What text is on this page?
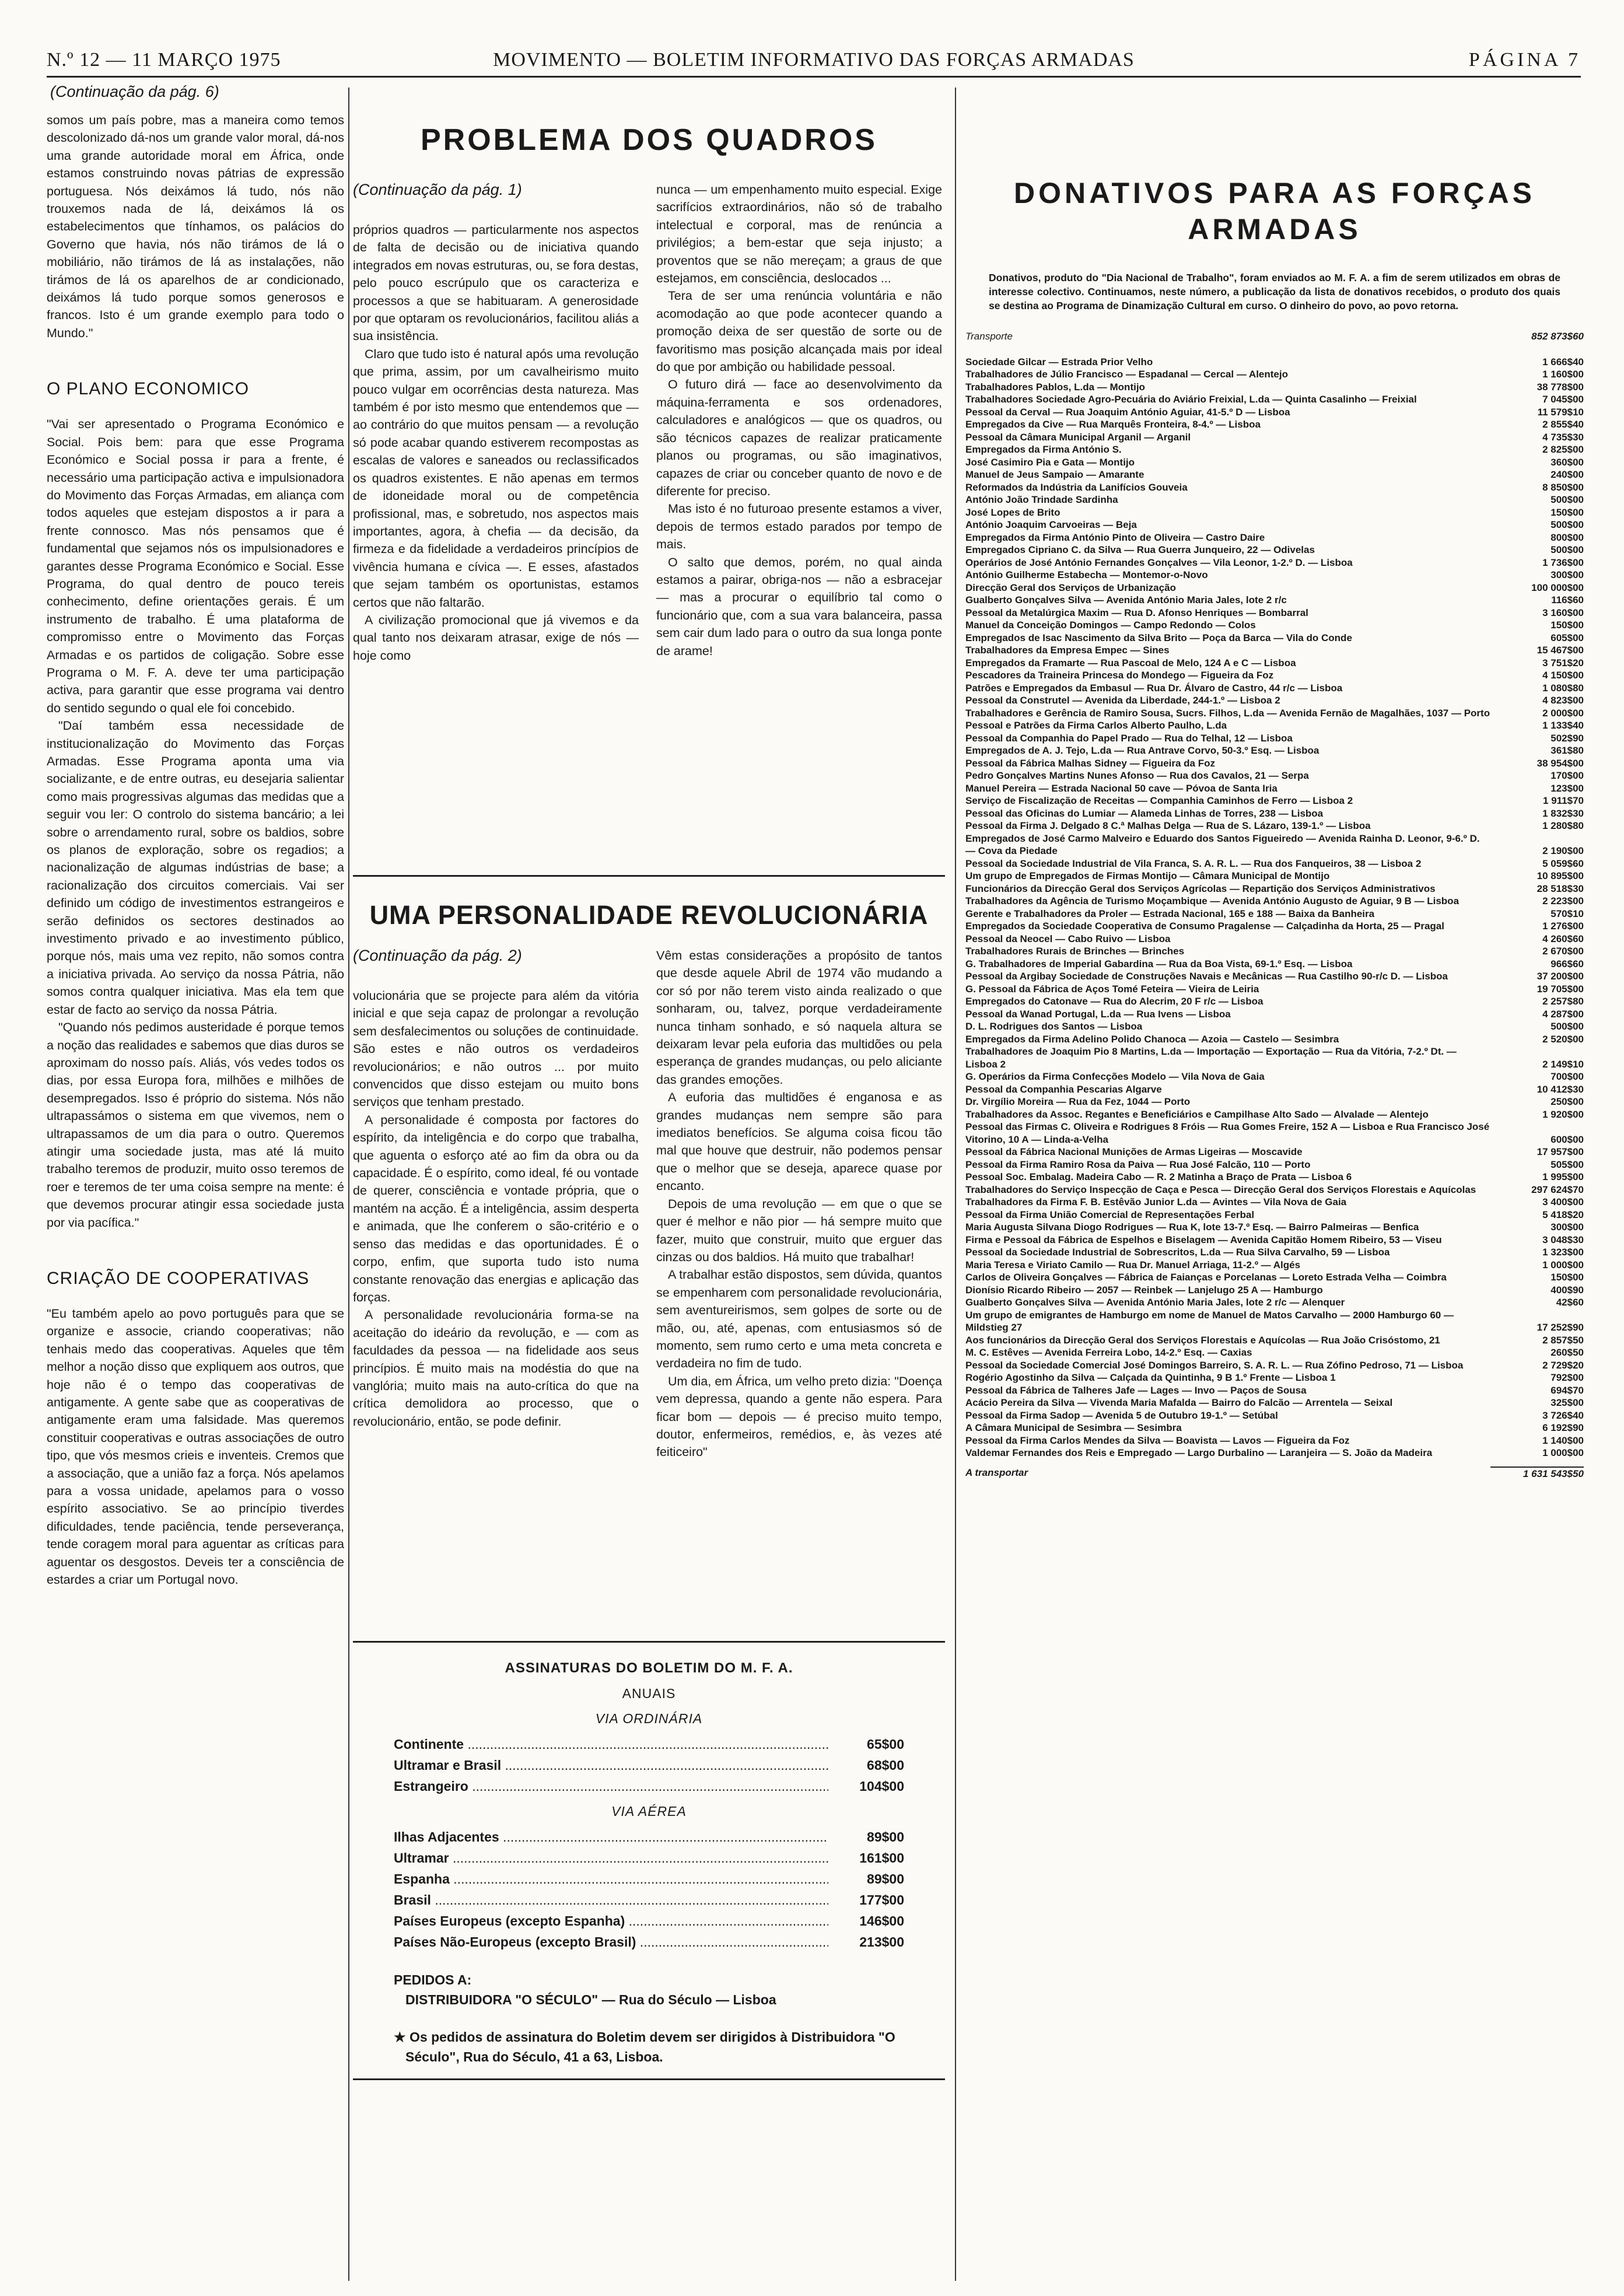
N.º 12 — 11 MARÇO 1975	MOVIMENTO — BOLETIM INFORMATIVO DAS FORÇAS ARMADAS	PÁGINA 7
(Continuação da pág. 6)

somos um país pobre, mas a maneira como temos descolonizado dá-nos um grande valor moral, dá-nos uma grande autoridade moral em África, onde estamos construindo novas pátrias de expressão portuguesa. Nós deixámos lá tudo, nós não trouxemos nada de lá, deixámos lá os estabelecimentos que tínhamos, os palácios do Governo que havia, nós não tirámos de lá o mobiliário, não tirámos de lá as instalações, não tirámos de lá os aparelhos de ar condicionado, deixámos lá tudo porque somos generosos e francos. Isto é um grande exemplo para todo o Mundo."

O PLANO ECONOMICO

"Vai ser apresentado o Programa Económico e Social. Pois bem: para que esse Programa Económico e Social possa ir para a frente, é necessário uma participação activa e impulsionadora do Movimento das Forças Armadas, em aliança com todos aqueles que estejam dispostos a ir para a frente connosco. Mas nós pensamos que é fundamental que sejamos nós os impulsionadores e garantes desse Programa Económico e Social. Esse Programa, do qual dentro de pouco tereis conhecimento, define orientações gerais. É um instrumento de trabalho. É uma plataforma de compromisso entre o Movimento das Forças Armadas e os partidos de coligação. Sobre esse Programa o M. F. A. deve ter uma participação activa, para garantir que esse programa vai dentro do sentido segundo o qual ele foi concebido.

"Daí também essa necessidade de institucionalização do Movimento das Forças Armadas. Esse Programa aponta uma via socializante, e de entre outras, eu desejaria salientar como mais progressivas algumas das medidas que a seguir vou ler: O controlo do sistema bancário; a lei sobre o arrendamento rural, sobre os baldios, sobre os planos de exploração, sobre os regadios; a nacionalização de algumas indústrias de base; a racionalização dos circuitos comerciais. Vai ser definido um código de investimentos estrangeiros e serão definidos os sectores destinados ao investimento privado e ao investimento público, porque nós, mais uma vez repito, não somos contra a iniciativa privada. Ao serviço da nossa Pátria, não somos contra qualquer iniciativa. Mas ela tem que estar de facto ao serviço da nossa Pátria.

"Quando nós pedimos austeridade é porque temos a noção das realidades e sabemos que dias duros se aproximam do nosso país. Aliás, vós vedes todos os dias, por essa Europa fora, milhões e milhões de desempregados. Isso é próprio do sistema. Nós não ultrapassámos o sistema em que vivemos, nem o ultrapassamos de um dia para o outro. Queremos atingir uma sociedade justa, mas até lá muito trabalho teremos de produzir, muito osso teremos de roer e teremos de ter uma coisa sempre na mente: é que devemos procurar atingir essa sociedade justa por via pacífica."

CRIAÇÃO DE COOPERATIVAS

"Eu também apelo ao povo português para que se organize e associe, criando cooperativas; não tenhais medo das cooperativas. Aqueles que têm melhor a noção disso que expliquem aos outros, que hoje não é o tempo das cooperativas de antigamente. A gente sabe que as cooperativas de antigamente eram uma falsidade. Mas queremos constituir cooperativas e outras associações de outro tipo, que vós mesmos crieis e inventeis. Cremos que a associação, que a união faz a força. Nós apelamos para a vossa unidade, apelamos para o vosso espírito associativo. Se ao princípio tiverdes dificuldades, tende paciência, tende perseverança, tende coragem moral para aguentar as críticas para aguentar os desgostos. Deveis ter a consciência de estardes a criar um Portugal novo.

PROBLEMA DOS QUADROS
(Continuação da pág. 1)

próprios quadros — particularmente nos aspectos de falta de decisão ou de iniciativa quando integrados em novas estruturas, ou, se fora destas, pelo pouco escrúpulo que os caracteriza e processos a que se habituaram. A generosidade por que optaram os revolucionários, facilitou aliás a sua insistência.

Claro que tudo isto é natural após uma revolução que prima, assim, por um cavalheirismo muito pouco vulgar em ocorrências desta natureza. Mas também é por isto mesmo que entendemos que — ao contrário do que muitos pensam — a revolução só pode acabar quando estiverem recompostas as escalas de valores e saneados ou reclassificados os quadros existentes. E não apenas em termos de idoneidade moral ou de competência profissional, mas, e sobretudo, nos aspectos mais importantes, agora, à chefia — da decisão, da firmeza e da fidelidade a verdadeiros princípios de vivência humana e cívica —. E esses, afastados que sejam também os oportunistas, estamos certos que não faltarão.

A civilização promocional que já vivemos e da qual tanto nos deixaram atrasar, exige de nós — hoje como

nunca — um empenhamento muito especial. Exige sacrifícios extraordinários, não só de trabalho intelectual e corporal, mas de renúncia a privilégios; a bem-estar que seja injusto; a proventos que se não mereçam; a graus de que estejamos, em consciência, deslocados ...

Tera de ser uma renúncia voluntária e não acomodação ao que pode acontecer quando a promoção deixa de ser questão de sorte ou de favoritismo mas posição alcançada mais por ideal do que por ambição ou habilidade pessoal.

O futuro dirá — face ao desenvolvimento da máquina-ferramenta e sos ordenadores, calculadores e analógicos — que os quadros, ou são técnicos capazes de realizar praticamente planos ou programas, ou são imaginativos, capazes de criar ou conceber quanto de novo e de diferente for preciso.

Mas isto é no futuroao presente estamos a viver, depois de termos estado parados por tempo de mais.

O salto que demos, porém, no qual ainda estamos a pairar, obriga-nos — não a esbracejar — mas a procurar o equilíbrio tal como o funcionário que, com a sua vara balanceira, passa sem cair dum lado para o outro da sua longa ponte de arame!

UMA PERSONALIDADE REVOLUCIONÁRIA
(Continuação da pág. 2)

volucionária que se projecte para além da vitória inicial e que seja capaz de prolongar a revolução sem desfalecimentos ou soluções de continuidade. São estes e não outros os verdadeiros revolucionários; e não outros ... por muito convencidos que disso estejam ou muito bons serviços que tenham prestado.

A personalidade é composta por factores do espírito, da inteligência e do corpo que trabalha, que aguenta o esforço até ao fim da obra ou da capacidade. É o espírito, como ideal, fé ou vontade de querer, consciência e vontade própria, que o mantém na acção. É a inteligência, assim desperta e animada, que lhe conferem o são-critério e o senso das medidas e das oportunidades. É o corpo, enfim, que suporta tudo isto numa constante renovação das energias e aplicação das forças.

A personalidade revolucionária forma-se na aceitação do ideário da revolução, e — com as faculdades da pessoa — na fidelidade aos seus princípios. É muito mais na modéstia do que na vanglória; muito mais na auto-crítica do que na crítica demolidora ao processo, que o revolucionário, então, se pode definir.

Vêm estas considerações a propósito de tantos que desde aquele Abril de 1974 vão mudando a cor só por não terem visto ainda realizado o que sonharam, ou, talvez, porque verdadeiramente nunca tinham sonhado, e só naquela altura se deixaram levar pela euforia das multidões ou pela esperança de grandes mudanças, ou pelo aliciante das grandes emoções.

A euforia das multidões é enganosa e as grandes mudanças nem sempre são para imediatos benefícios. Se alguma coisa ficou tão mal que houve que destruir, não podemos pensar que o melhor que se deseja, aparece quase por encanto.

Depois de uma revolução — em que o que se quer é melhor e não pior — há sempre muito que fazer, muito que construir, muito que erguer das cinzas ou dos baldios. Há muito que trabalhar!

A trabalhar estão dispostos, sem dúvida, quantos se empenharem com personalidade revolucionária, sem aventureirismos, sem golpes de sorte ou de mão, ou, até, apenas, com entusiasmos só de momento, sem rumo certo e uma meta concreta e verdadeira no fim de tudo.

Um dia, em África, um velho preto dizia: "Doença vem depressa, quando a gente não espera. Para ficar bom — depois — é preciso muito tempo, doutor, enfermeiros, remédios, e, às vezes até feiticeiro"

ASSINATURAS DO BOLETIM DO M. F. A.
ANUAIS
VIA ORDINÁRIA
Continente .....	65$00
Ultramar e Brasil .....	68$00
Estrangeiro .....	104$00
VIA AÉREA
Ilhas Adjacentes .....	89$00
Ultramar .....	161$00
Espanha .....	89$00
Brasil .....	177$00
Países Europeus (excepto Espanha) .....	146$00
Países Não-Europeus (excepto Brasil) .....	213$00
PEDIDOS A:
DISTRIBUIDORA "O SÉCULO" — Rua do Século — Lisboa
★ Os pedidos de assinatura do Boletim devem ser dirigidos à Distribuidora "O Século", Rua do Século, 41 a 63, Lisboa.
DONATIVOS PARA AS FORÇAS ARMADAS
Donativos, produto do "Dia Nacional de Trabalho", foram enviados ao M. F. A. a fim de serem utilizados em obras de interesse colectivo. Continuamos, neste número, a publicação da lista de donativos recebidos, o produto dos quais se destina ao Programa de Dinamização Cultural em curso. O dinheiro do povo, ao povo retorna.
Transporte	852 873$60
Sociedade Gilcar — Estrada Prior Velho	1 666$40
Trabalhadores de Júlio Francisco — Espadanal — Cercal — Alentejo	1 160$00
Trabalhadores Pablos, L.da — Montijo	38 778$00
Trabalhadores Sociedade Agro-Pecuária do Aviário Freixial, L.da — Quinta Casalinho — Freixial	7 045$00
Pessoal da Cerval — Rua Joaquim António Aguiar, 41-5.º D — Lisboa	11 579$10
Empregados da Cive — Rua Marquês Fronteira, 8-4.º — Lisboa	2 855$40
Pessoal da Câmara Municipal Arganil — Arganil	4 735$30
Empregados da Firma António S.	2 825$00
José Casimiro Pia e Gata — Montijo	360$00
Manuel de Jeus Sampaio — Amarante	240$00
Reformados da Indústria da Lanifícios Gouveia	8 850$00
António João Trindade Sardinha	500$00
José Lopes de Brito	150$00
António Joaquim Carvoeiras — Beja	500$00
Empregados da Firma António Pinto de Oliveira — Castro Daire	800$00
Empregados Cipriano C. da Silva — Rua Guerra Junqueiro, 22 — Odivelas	500$00
Operários de José António Fernandes Gonçalves — Vila Leonor, 1-2.º D. — Lisboa	1 736$00
António Guilherme Estabecha — Montemor-o-Novo	300$00
Direcção Geral dos Serviços de Urbanização	100 000$00
Gualberto Gonçalves Silva — Avenida António Maria Jales, lote 2 r/c	116$60
Pessoal da Metalúrgica Maxim — Rua D. Afonso Henriques — Bombarral	3 160$00
Manuel da Conceição Domingos — Campo Redondo — Colos	150$00
Empregados de Isac Nascimento da Silva Brito — Poça da Barca — Vila do Conde	605$00
Trabalhadores da Empresa Empec — Sines	15 467$00
Empregados da Framarte — Rua Pascoal de Melo, 124 A e C — Lisboa	3 751$20
Pescadores da Traineira Princesa do Mondego — Figueira da Foz	4 150$00
Patrões e Empregados da Embasul — Rua Dr. Álvaro de Castro, 44 r/c — Lisboa	1 080$80
Pessoal da Construtel — Avenida da Liberdade, 244-1.º — Lisboa 2	4 823$00
Trabalhadores e Gerência de Ramiro Sousa, Sucrs. Filhos, L.da — Avenida Fernão de Magalhães, 1037 — Porto	2 000$00
Pessoal e Patrões da Firma Carlos Alberto Paulho, L.da	1 133$40
Pessoal da Companhia do Papel Prado — Rua do Telhal, 12 — Lisboa	502$90
Empregados de A. J. Tejo, L.da — Rua Antrave Corvo, 50-3.º Esq. — Lisboa	361$80
Pessoal da Fábrica Malhas Sidney — Figueira da Foz	38 954$00
Pedro Gonçalves Martins Nunes Afonso — Rua dos Cavalos, 21 — Serpa	170$00
Manuel Pereira — Estrada Nacional 50 cave — Póvoa de Santa Iria	123$00
Serviço de Fiscalização de Receitas — Companhia Caminhos de Ferro — Lisboa 2	1 911$70
Pessoal das Oficinas do Lumiar — Alameda Linhas de Torres, 238 — Lisboa	1 832$30
Pessoal da Firma J. Delgado 8 C.ª Malhas Delga — Rua de S. Lázaro, 139-1.º — Lisboa	1 280$80
Empregados de José Carmo Malveiro e Eduardo dos Santos Figueiredo — Avenida Rainha D. Leonor, 9-6.º D. — Cova da Piedade	2 190$00
Pessoal da Sociedade Industrial de Vila Franca, S. A. R. L. — Rua dos Fanqueiros, 38 — Lisboa 2	5 059$60
Um grupo de Empregados de Firmas Montijo — Câmara Municipal de Montijo	10 895$00
Funcionários da Direcção Geral dos Serviços Agrícolas — Repartição dos Serviços Administrativos	28 518$30
Trabalhadores da Agência de Turismo Moçambique — Avenida António Augusto de Aguiar, 9 B — Lisboa	2 223$00
Gerente e Trabalhadores da Proler — Estrada Nacional, 165 e 188 — Baixa da Banheira	570$10
Empregados da Sociedade Cooperativa de Consumo Pragalense — Calçadinha da Horta, 25 — Pragal	1 276$00
Pessoal da Neocel — Cabo Ruivo — Lisboa	4 260$60
Trabalhadores Rurais de Brinches — Brinches	2 670$00
G. Trabalhadores de Imperial Gabardina — Rua da Boa Vista, 69-1.º Esq. — Lisboa	966$60
Pessoal da Argibay Sociedade de Construções Navais e Mecânicas — Rua Castilho 90-r/c D. — Lisboa	37 200$00
G. Pessoal da Fábrica de Aços Tomé Feteira — Vieira de Leiria	19 705$00
Empregados do Catonave — Rua do Alecrim, 20 F r/c — Lisboa	2 257$80
Pessoal da Wanad Portugal, L.da — Rua Ivens — Lisboa	4 287$00
D. L. Rodrigues dos Santos — Lisboa	500$00
Empregados da Firma Adelino Polido Chanoca — Azoia — Castelo — Sesimbra	2 520$00
Trabalhadores de Joaquim Pio 8 Martins, L.da — Importação — Exportação — Rua da Vitória, 7-2.º Dt. — Lisboa 2	2 149$10
G. Operários da Firma Confecções Modelo — Vila Nova de Gaia	700$00
Pessoal da Companhia Pescarias Algarve	10 412$30
Dr. Virgílio Moreira — Rua da Fez, 1044 — Porto	250$00
Trabalhadores da Assoc. Regantes e Beneficiários e Campilhase Alto Sado — Alvalade — Alentejo	1 920$00
Pessoal das Firmas C. Oliveira e Rodrigues 8 Fróis — Rua Gomes Freire, 152 A — Lisboa e Rua Francisco José Vitorino, 10 A — Linda-a-Velha	600$00
Pessoal da Fábrica Nacional Munições de Armas Ligeiras — Moscavide	17 957$00
Pessoal da Firma Ramiro Rosa da Paiva — Rua José Falcão, 110 — Porto	505$00
Pessoal Soc. Embalag. Madeira Cabo — R. 2 Matinha a Braço de Prata — Lisboa 6	1 995$00
Trabalhadores do Serviço Inspecção de Caça e Pesca — Direcção Geral dos Serviços Florestais e Aquícolas	297 624$70
Trabalhadores da Firma F. B. Estêvão Junior L.da — Avintes — Vila Nova de Gaia	3 400$00
Pessoal da Firma União Comercial de Representações Ferbal	5 418$20
Maria Augusta Silvana Diogo Rodrigues — Rua K, lote 13-7.º Esq. — Bairro Palmeiras — Benfica	300$00
Firma e Pessoal da Fábrica de Espelhos e Biselagem — Avenida Capitão Homem Ribeiro, 53 — Viseu	3 048$30
Pessoal da Sociedade Industrial de Sobrescritos, L.da — Rua Silva Carvalho, 59 — Lisboa	1 323$00
Maria Teresa e Viriato Camilo — Rua Dr. Manuel Arriaga, 11-2.º — Algés	1 000$00
Carlos de Oliveira Gonçalves — Fábrica de Faianças e Porcelanas — Loreto Estrada Velha — Coimbra	150$00
Dionísio Ricardo Ribeiro — 2057 — Reinbek — Lanjelugo 25 A — Hamburgo	400$90
Gualberto Gonçalves Silva — Avenida António Maria Jales, lote 2 r/c — Alenquer	42$60
Um grupo de emigrantes de Hamburgo em nome de Manuel de Matos Carvalho — 2000 Hamburgo 60 — Mildstieg 27	17 252$90
Aos funcionários da Direcção Geral dos Serviços Florestais e Aquícolas — Rua João Crisóstomo, 21	2 857$50
M. C. Estêves — Avenida Ferreira Lobo, 14-2.º Esq. — Caxias	260$50
Pessoal da Sociedade Comercial José Domingos Barreiro, S. A. R. L. — Rua Zófino Pedroso, 71 — Lisboa	2 729$20
Rogério Agostinho da Silva — Calçada da Quintinha, 9 B 1.º Frente — Lisboa 1	792$00
Pessoal da Fábrica de Talheres Jafe — Lages — Invo — Paços de Sousa	694$70
Acácio Pereira da Silva — Vivenda Maria Mafalda — Bairro do Falcão — Arrentela — Seixal	325$00
Pessoal da Firma Sadop — Avenida 5 de Outubro 19-1.º — Setúbal	3 726$40
A Câmara Municipal de Sesimbra — Sesimbra	6 192$90
Pessoal da Firma Carlos Mendes da Silva — Boavista — Lavos — Figueira da Foz	1 140$00
Valdemar Fernandes dos Reis e Empregado — Largo Durbalino — Laranjeira — S. João da Madeira	1 000$00
A transportar	1 631 543$50
